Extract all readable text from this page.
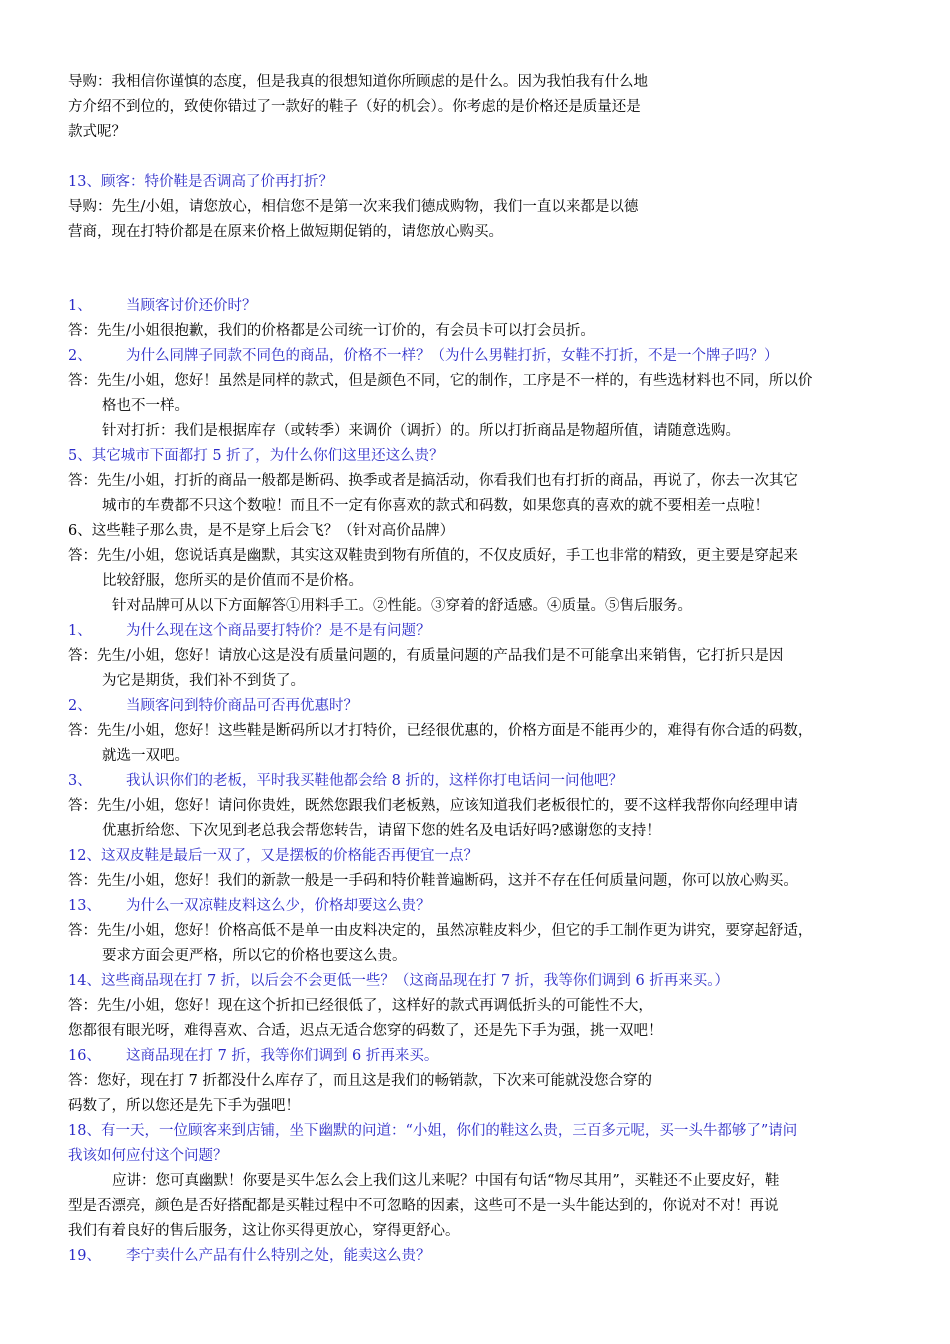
导购：我相信你谨慎的态度，但是我真的很想知道你所顾虑的是什么。因为我怕我有什么地
方介绍不到位的，致使你错过了一款好的鞋子（好的机会）。你考虑的是价格还是质量还是
款式呢？
13、顾客：特价鞋是否调高了价再打折？
导购：先生/小姐，请您放心，相信您不是第一次来我们德成购物，我们一直以来都是以德
营商，现在打特价都是在原来价格上做短期促销的，请您放心购买。
1、 当顾客讨价还价时？
答：先生/小姐很抱歉，我们的价格都是公司统一订价的，有会员卡可以打会员折。
2、 为什么同牌子同款不同色的商品，价格不一样？（为什么男鞋打折，女鞋不打折，不是一个牌子吗？）
答：先生/小姐，您好！虽然是同样的款式，但是颜色不同，它的制作，工序是不一样的，有些选材料也不同，所以价
格也不一样。
针对打折：我们是根据库存（或转季）来调价（调折）的。所以打折商品是物超所值，请随意选购。
5、其它城市下面都打 5 折了，为什么你们这里还这么贵？
答：先生/小姐，打折的商品一般都是断码、换季或者是搞活动，你看我们也有打折的商品，再说了，你去一次其它
城市的车费都不只这个数啦！而且不一定有你喜欢的款式和码数，如果您真的喜欢的就不要相差一点啦！
6、这些鞋子那么贵，是不是穿上后会飞？（针对高价品牌）
答：先生/小姐，您说话真是幽默，其实这双鞋贵到物有所值的，不仅皮质好，手工也非常的精致，更主要是穿起来
比较舒服，您所买的是价值而不是价格。
针对品牌可从以下方面解答①用料手工。②性能。③穿着的舒适感。④质量。⑤售后服务。
1、 为什么现在这个商品要打特价？是不是有问题？
答：先生/小姐，您好！请放心这是没有质量问题的，有质量问题的产品我们是不可能拿出来销售，它打折只是因
为它是期货，我们补不到货了。
2、 当顾客问到特价商品可否再优惠时？
答：先生/小姐，您好！这些鞋是断码所以才打特价，已经很优惠的，价格方面是不能再少的，难得有你合适的码数，
就选一双吧。
3、 我认识你们的老板，平时我买鞋他都会给 8 折的，这样你打电话问一问他吧？
答：先生/小姐，您好！请问你贵姓，既然您跟我们老板熟，应该知道我们老板很忙的，要不这样我帮你向经理申请
优惠折给您、下次见到老总我会帮您转告，请留下您的姓名及电话好吗?感谢您的支持！
12、这双皮鞋是最后一双了，又是摆板的价格能否再便宜一点？
答：先生/小姐，您好！我们的新款一般是一手码和特价鞋普遍断码，这并不存在任何质量问题，你可以放心购买。
13、 为什么一双凉鞋皮料这么少，价格却要这么贵？
答：先生/小姐，您好！价格高低不是单一由皮料决定的，虽然凉鞋皮料少，但它的手工制作更为讲究，要穿起舒适，
要求方面会更严格，所以它的价格也要这么贵。
14、这些商品现在打 7 折，以后会不会更低一些？（这商品现在打 7 折，我等你们调到 6 折再来买。）
答：先生/小姐，您好！现在这个折扣已经很低了，这样好的款式再调低折头的可能性不大，
您都很有眼光呀，难得喜欢、合适，迟点无适合您穿的码数了，还是先下手为强，挑一双吧！
16、 这商品现在打 7 折，我等你们调到 6 折再来买。
答：您好，现在打 7 折都没什么库存了，而且这是我们的畅销款，下次来可能就没您合穿的
码数了，所以您还是先下手为强吧！
18、有一天，一位顾客来到店铺，坐下幽默的问道：“小姐，你们的鞋这么贵，三百多元呢，买一头牛都够了”请问
我该如何应付这个问题？
应讲：您可真幽默！你要是买牛怎么会上我们这儿来呢？中国有句话“物尽其用”，买鞋还不止要皮好，鞋
型是否漂亮，颜色是否好搭配都是买鞋过程中不可忽略的因素，这些可不是一头牛能达到的，你说对不对！再说
我们有着良好的售后服务，这让你买得更放心，穿得更舒心。
19、 李宁卖什么产品有什么特别之处，能卖这么贵？
